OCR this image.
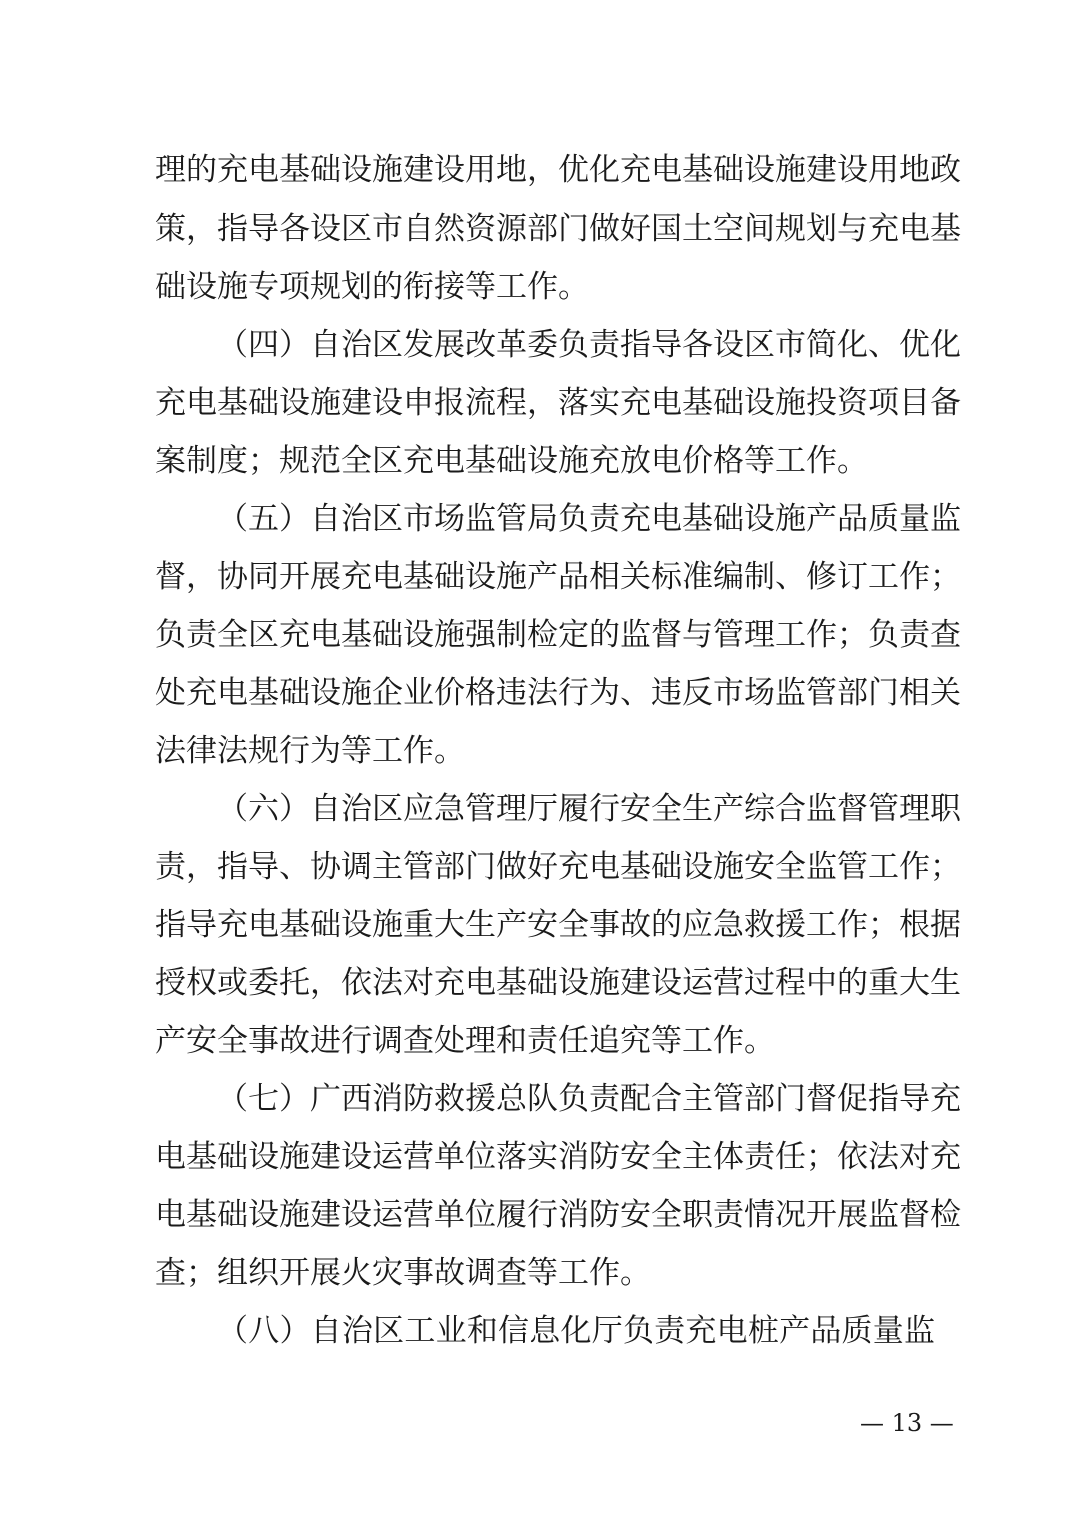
理的充电基础设施建设用地，优化充电基础设施建设用地政
策，指导各设区市自然资源部门做好国土空间规划与充电基
础设施专项规划的衔接等工作。
（四）自治区发展改革委负责指导各设区市简化、优化
充电基础设施建设申报流程，落实充电基础设施投资项目备
案制度；规范全区充电基础设施充放电价格等工作。
（五）自治区市场监管局负责充电基础设施产品质量监
督，协同开展充电基础设施产品相关标准编制、修订工作；
负责全区充电基础设施强制检定的监督与管理工作；负责查
处充电基础设施企业价格违法行为、违反市场监管部门相关
法律法规行为等工作。
（六）自治区应急管理厅履行安全生产综合监督管理职
责，指导、协调主管部门做好充电基础设施安全监管工作；
指导充电基础设施重大生产安全事故的应急救援工作；根据
授权或委托，依法对充电基础设施建设运营过程中的重大生
产安全事故进行调查处理和责任追究等工作。
（七）广西消防救援总队负责配合主管部门督促指导充
电基础设施建设运营单位落实消防安全主体责任；依法对充
电基础设施建设运营单位履行消防安全职责情况开展监督检
查；组织开展火灾事故调查等工作。
（八）自治区工业和信息化厅负责充电桩产品质量监
— 13 —
